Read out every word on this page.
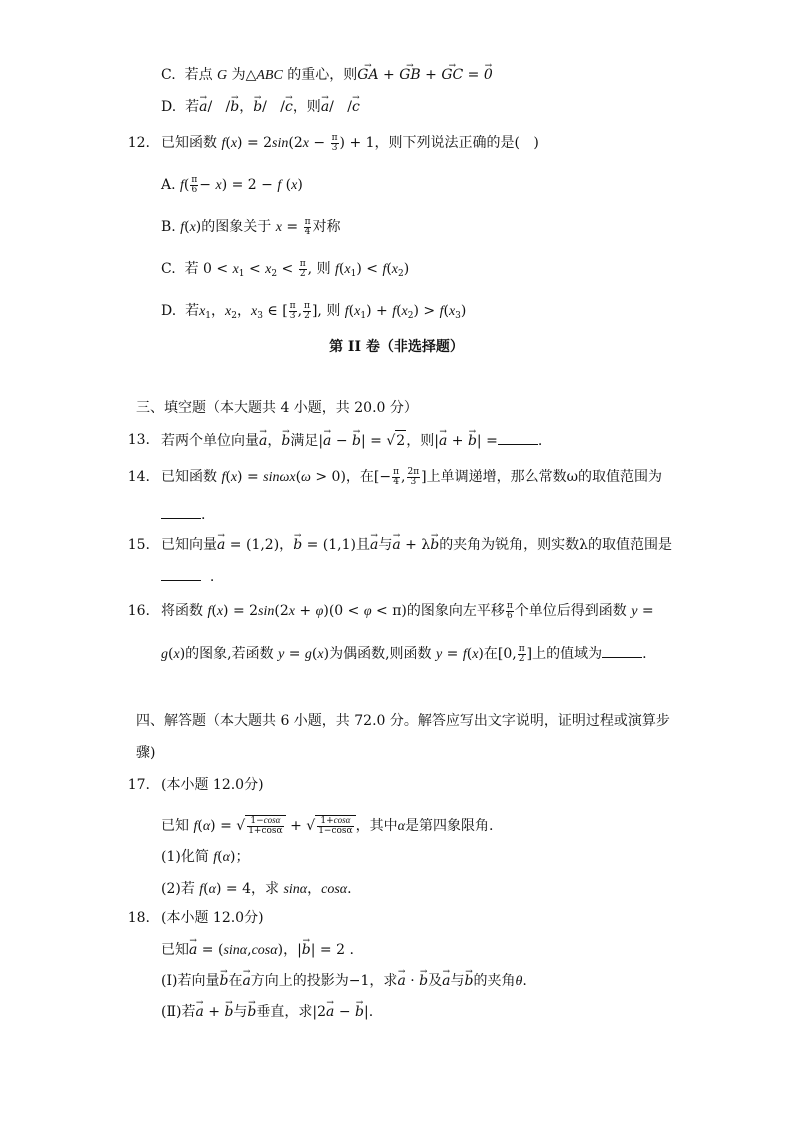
C.  若点 G 为△ABC 的重心，则→ GA + → GB + → GC = → 0
D.  若→ a/   /→ b，→ b/   /→ c，则→ a/   /→ c
12. 已知函数 $f(x) = 2\sin(2x - \frac{\pi}{3}$ ) + 1，则下列说法正确的是(   )
A. $f( \frac{\pi}{6} - x) = 2 - f$ (x)
B. f(x)的图象关于 $x = \frac{\pi}{4}$ 对称
C.  若 $0 < x_1 < x_2 < \frac{\pi}{2}$ , 则 $f(x_1) < f(x_2)$
D.  若$x_1$，$x_2$，$x_3$ ∈ [ $\frac{\pi}{3}$ , $\frac{\pi}{2}$ ], 则 $f(x_1) + f(x_2) > f(x_3)$
第 II 卷（非选择题）
三、填空题（本大题共 4 小题，共 20.0 分）
13. 若两个单位向量→ a，→ b满足|→ a − → b| = √2，则|→ a + → b| =	.
14. 已知函数 f(x) = sinωx(ω > 0)，在[− $\frac{\pi}{4}$ , $\frac{2\pi}{3}$ ]上单调递增，那么常数ω的取值范围为
.
15. 已知向量→ a = (1,2)，→ b = (1,1)且→ a与→ a + λ→ b的夹角为锐角，则实数λ的取值范围是
.
16. 将函数 f(x) = 2sin(2x + φ)(0 < φ < π)的图象向左平移 $\frac{\pi}{6}$ 个单位后得到函数 y =
g(x)的图象,若函数 y = g(x)为偶函数,则函数 y = f(x)在[0, $\frac{\pi}{2}$ ]上的值域为	.
四、解答题（本大题共 6 小题，共 72.0 分。解答应写出文字说明，证明过程或演算步
骤)
17. (本小题 12.0分)
已知 f(α) = √ $\frac{1-\cos\alpha}{1+\cos\alpha}$ + √ $\frac{1+\cos\alpha}{1-\cos\alpha}$ ，其中α是第四象限角.
(1)化简 f(α)；
(2)若 f(α) = 4，求 sinα，cosα.
18. (本小题 12.0分)
已知→ a = (sinα,cosα)，|→ b| = 2 .
(Ⅰ)若向量→ b在→ a方向上的投影为−1，求→ a · → b及→ a与→ b的夹角θ.
(Ⅱ)若→ a + → b与→ b垂直，求|2→ a − → b|.
